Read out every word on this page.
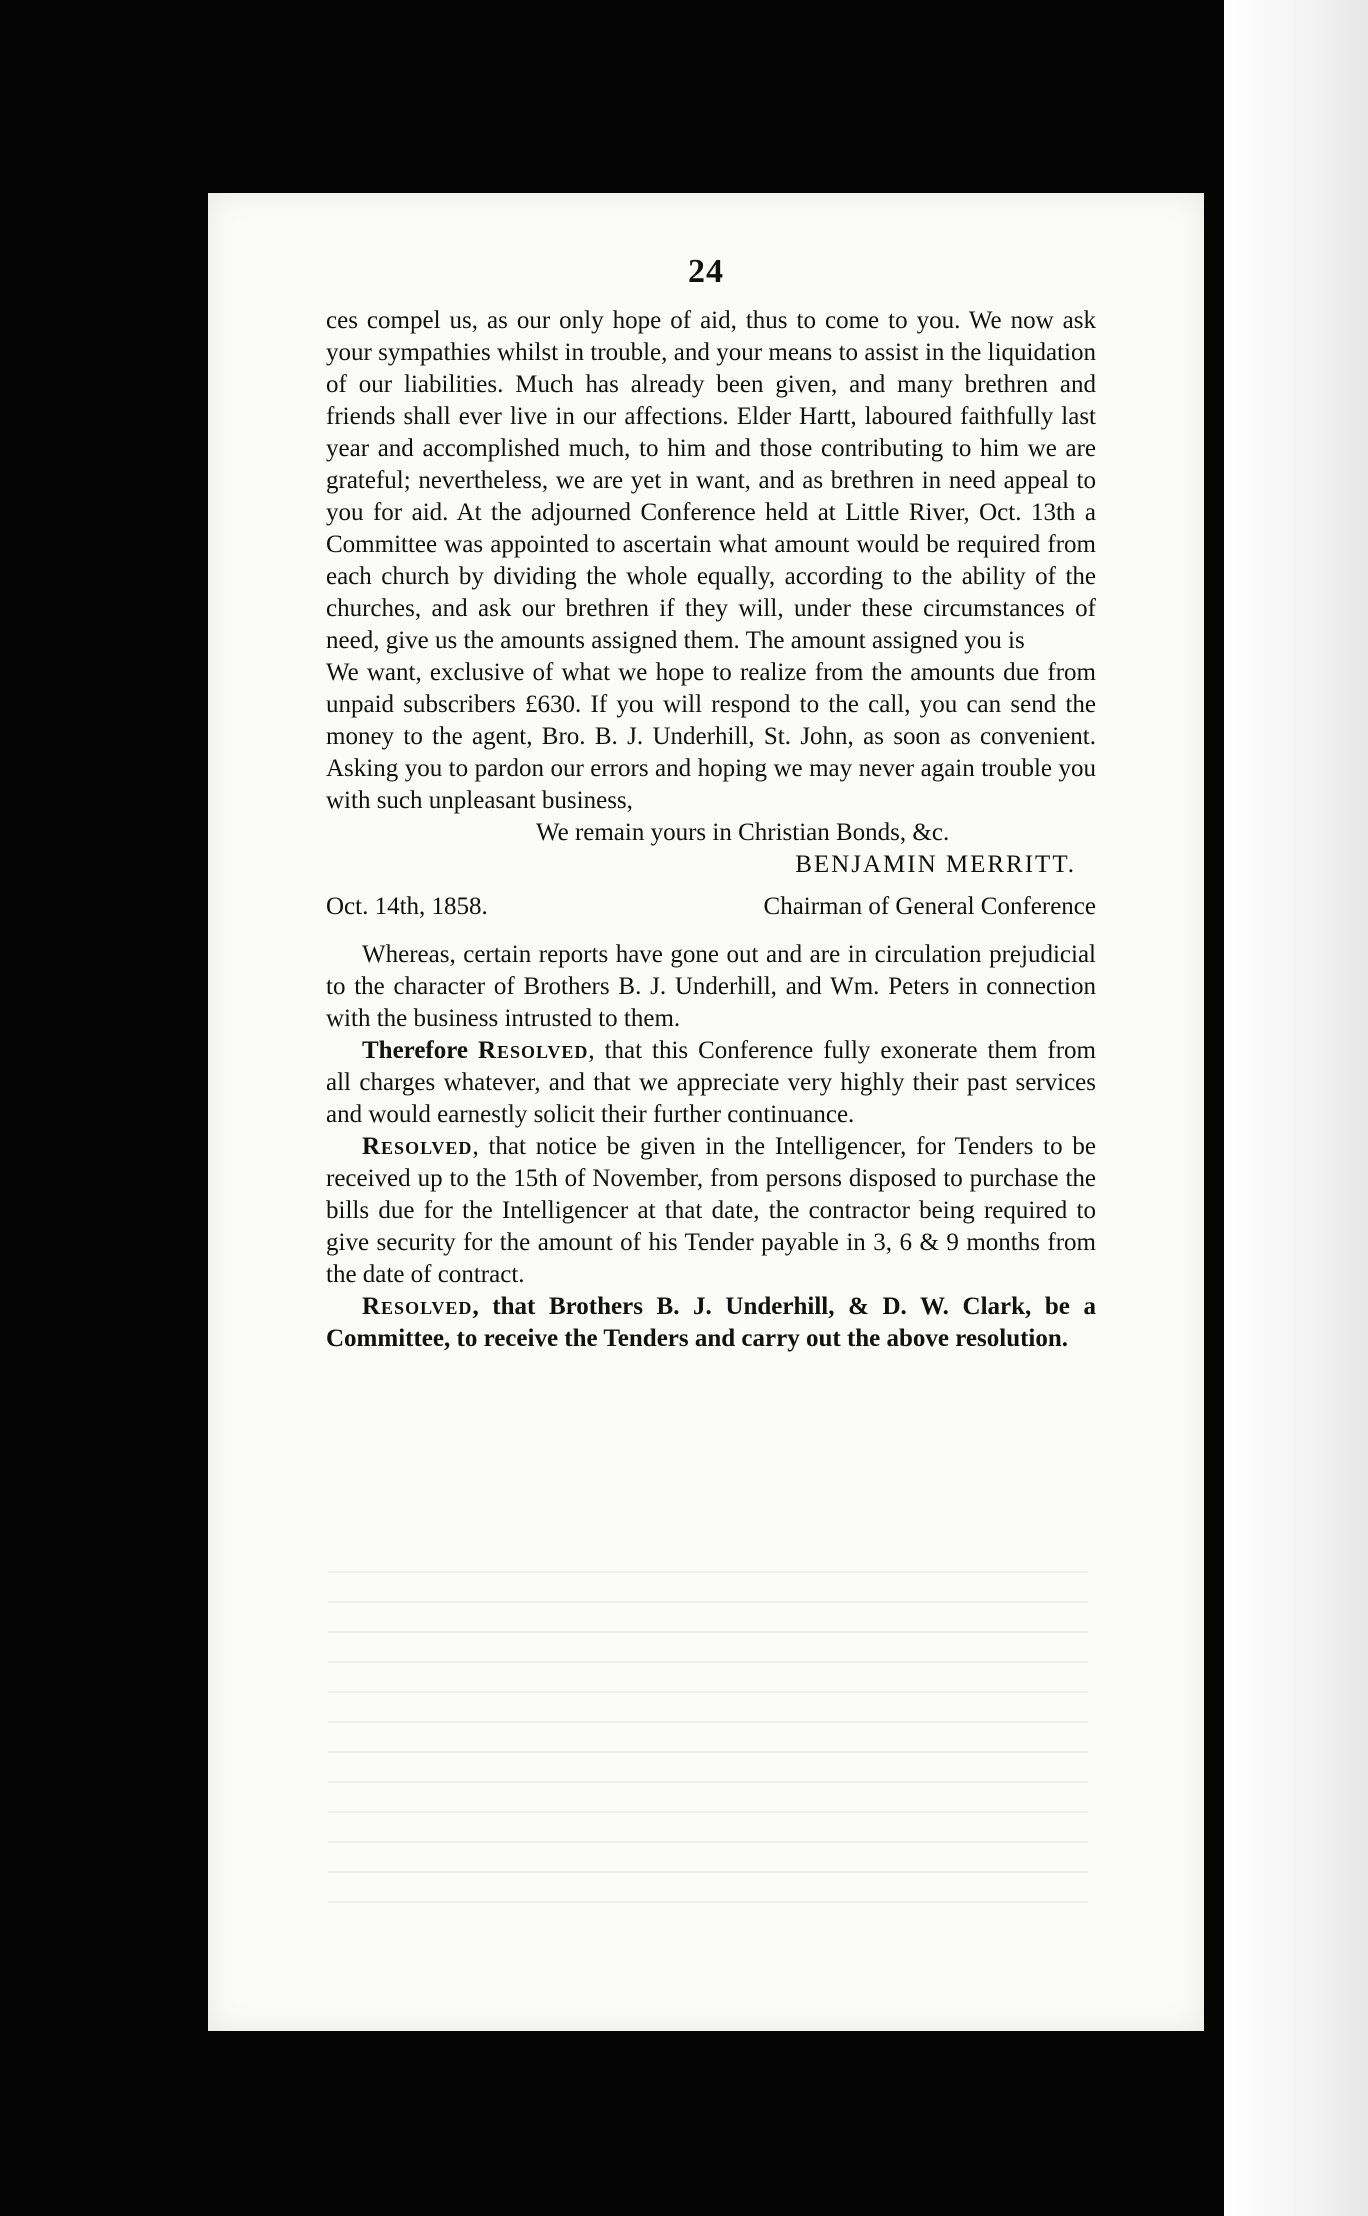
24

ces compel us, as our only hope of aid, thus to come to you. We now ask your sympathies whilst in trouble, and your means to assist in the liquidation of our liabilities. Much has already been given, and many brethren and friends shall ever live in our affections. Elder Hartt, laboured faithfully last year and accomplished much, to him and those contributing to him we are grateful; nevertheless, we are yet in want, and as brethren in need appeal to you for aid. At the adjourned Conference held at Little River, Oct. 13th a Committee was appointed to ascertain what amount would be required from each church by dividing the whole equally, according to the ability of the churches, and ask our brethren if they will, under these circumstances of need, give us the amounts assigned them. The amount assigned you is

We want, exclusive of what we hope to realize from the amounts due from unpaid subscribers £630. If you will respond to the call, you can send the money to the agent, Bro. B. J. Underhill, St. John, as soon as convenient. Asking you to pardon our errors and hoping we may never again trouble you with such unpleasant business,

We remain yours in Christian Bonds, &c.

BENJAMIN MERRITT.

Oct. 14th, 1858.	Chairman of General Conference

Whereas, certain reports have gone out and are in circulation prejudicial to the character of Brothers B. J. Underhill, and Wm. Peters in connection with the business intrusted to them.

Therefore Resolved, that this Conference fully exonerate them from all charges whatever, and that we appreciate very highly their past services and would earnestly solicit their further continuance.

Resolved, that notice be given in the Intelligencer, for Tenders to be received up to the 15th of November, from persons disposed to purchase the bills due for the Intelligencer at that date, the contractor being required to give security for the amount of his Tender payable in 3, 6 & 9 months from the date of contract.

Resolved, that Brothers B. J. Underhill, & D. W. Clark, be a Committee, to receive the Tenders and carry out the above resolution.
